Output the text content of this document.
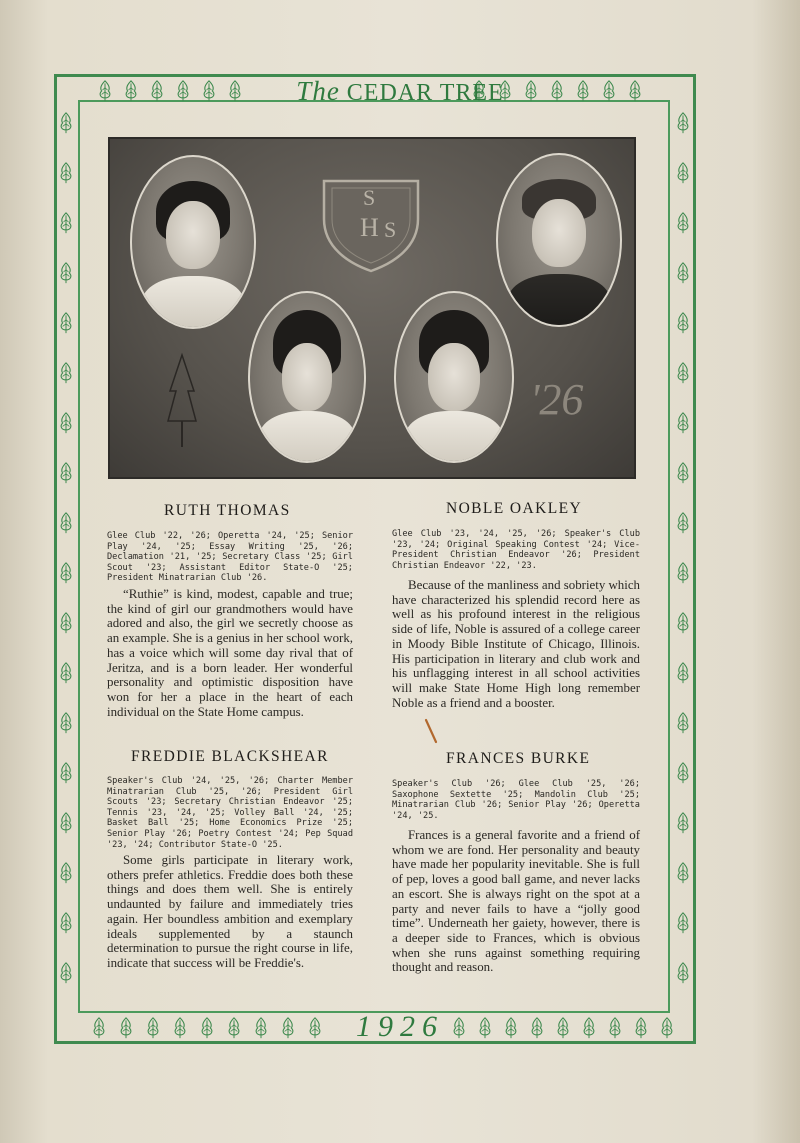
The CEDAR TREE
S
H S
'26
RUTH THOMAS
Glee Club '22, '26; Operetta '24, '25; Senior Play '24, '25; Essay Writing '25, '26; Declamation '21, '25; Secretary Class '25; Girl Scout '23; Assistant Editor State-O '25; President Minatrarian Club '26.

“Ruthie” is kind, modest, capable and true; the kind of girl our grandmothers would have adored and also, the girl we secretly choose as an example. She is a genius in her school work, has a voice which will some day rival that of Jeritza, and is a born leader. Her wonderful personality and optimistic disposition have won for her a place in the heart of each individual on the State Home campus.

NOBLE OAKLEY
Glee Club '23, '24, '25, '26; Speaker's Club '23, '24; Original Speaking Contest '24; Vice-President Christian Endeavor '26; President Christian Endeavor '22, '23.

Because of the manliness and sobriety which have characterized his splendid record here as well as his profound interest in the religious side of life, Noble is assured of a college career in Moody Bible Institute of Chicago, Illinois. His participation in literary and club work and his unflagging interest in all school activities will make State Home High long remember Noble as a friend and a booster.

FREDDIE BLACKSHEAR
Speaker's Club '24, '25, '26; Charter Member Minatrarian Club '25, '26; President Girl Scouts '23; Secretary Christian Endeavor '25; Tennis '23, '24, '25; Volley Ball '24, '25; Basket Ball '25; Home Economics Prize '25; Senior Play '26; Poetry Contest '24; Pep Squad '23, '24; Contributor State-O '25.

Some girls participate in literary work, others prefer athletics. Freddie does both these things and does them well. She is entirely undaunted by failure and immediately tries again. Her boundless ambition and exemplary ideals supplemented by a staunch determination to pursue the right course in life, indicate that success will be Freddie's.

FRANCES BURKE
Speaker's Club '26; Glee Club '25, '26; Saxophone Sextette '25; Mandolin Club '25; Minatrarian Club '26; Senior Play '26; Operetta '24, '25.

Frances is a general favorite and a friend of whom we are fond. Her personality and beauty have made her popularity inevitable. She is full of pep, loves a good ball game, and never lacks an escort. She is always right on the spot at a party and never fails to have a “jolly good time”. Underneath her gaiety, however, there is a deeper side to Frances, which is obvious when she runs against something requiring thought and reason.

1926
